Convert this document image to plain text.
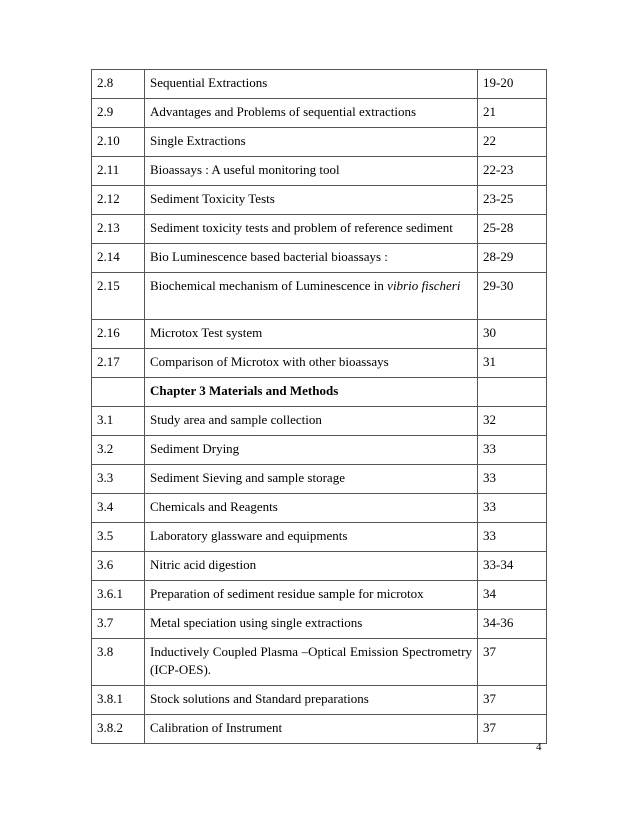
2.8	Sequential Extractions	19-20
2.9	Advantages and Problems of sequential extractions	21
2.10	Single Extractions	22
2.11	Bioassays : A useful monitoring tool	22-23
2.12	Sediment Toxicity Tests	23-25
2.13	Sediment toxicity tests and problem of reference sediment	25-28
2.14	Bio Luminescence based bacterial bioassays :	28-29
2.15	Biochemical mechanism of Luminescence in vibrio fischeri	29-30
2.16	Microtox Test system	30
2.17	Comparison of Microtox with other bioassays	31
	Chapter 3 Materials and Methods	
3.1	Study area and sample collection	32
3.2	Sediment Drying	33
3.3	Sediment Sieving and sample storage	33
3.4	Chemicals and Reagents	33
3.5	Laboratory glassware and equipments	33
3.6	Nitric acid digestion	33-34
3.6.1	Preparation of sediment residue sample for microtox	34
3.7	Metal speciation using single extractions	34-36
3.8	Inductively Coupled Plasma –Optical Emission Spectrometry (ICP-OES).	37
3.8.1	Stock solutions and Standard preparations	37
3.8.2	Calibration of Instrument	37
4
